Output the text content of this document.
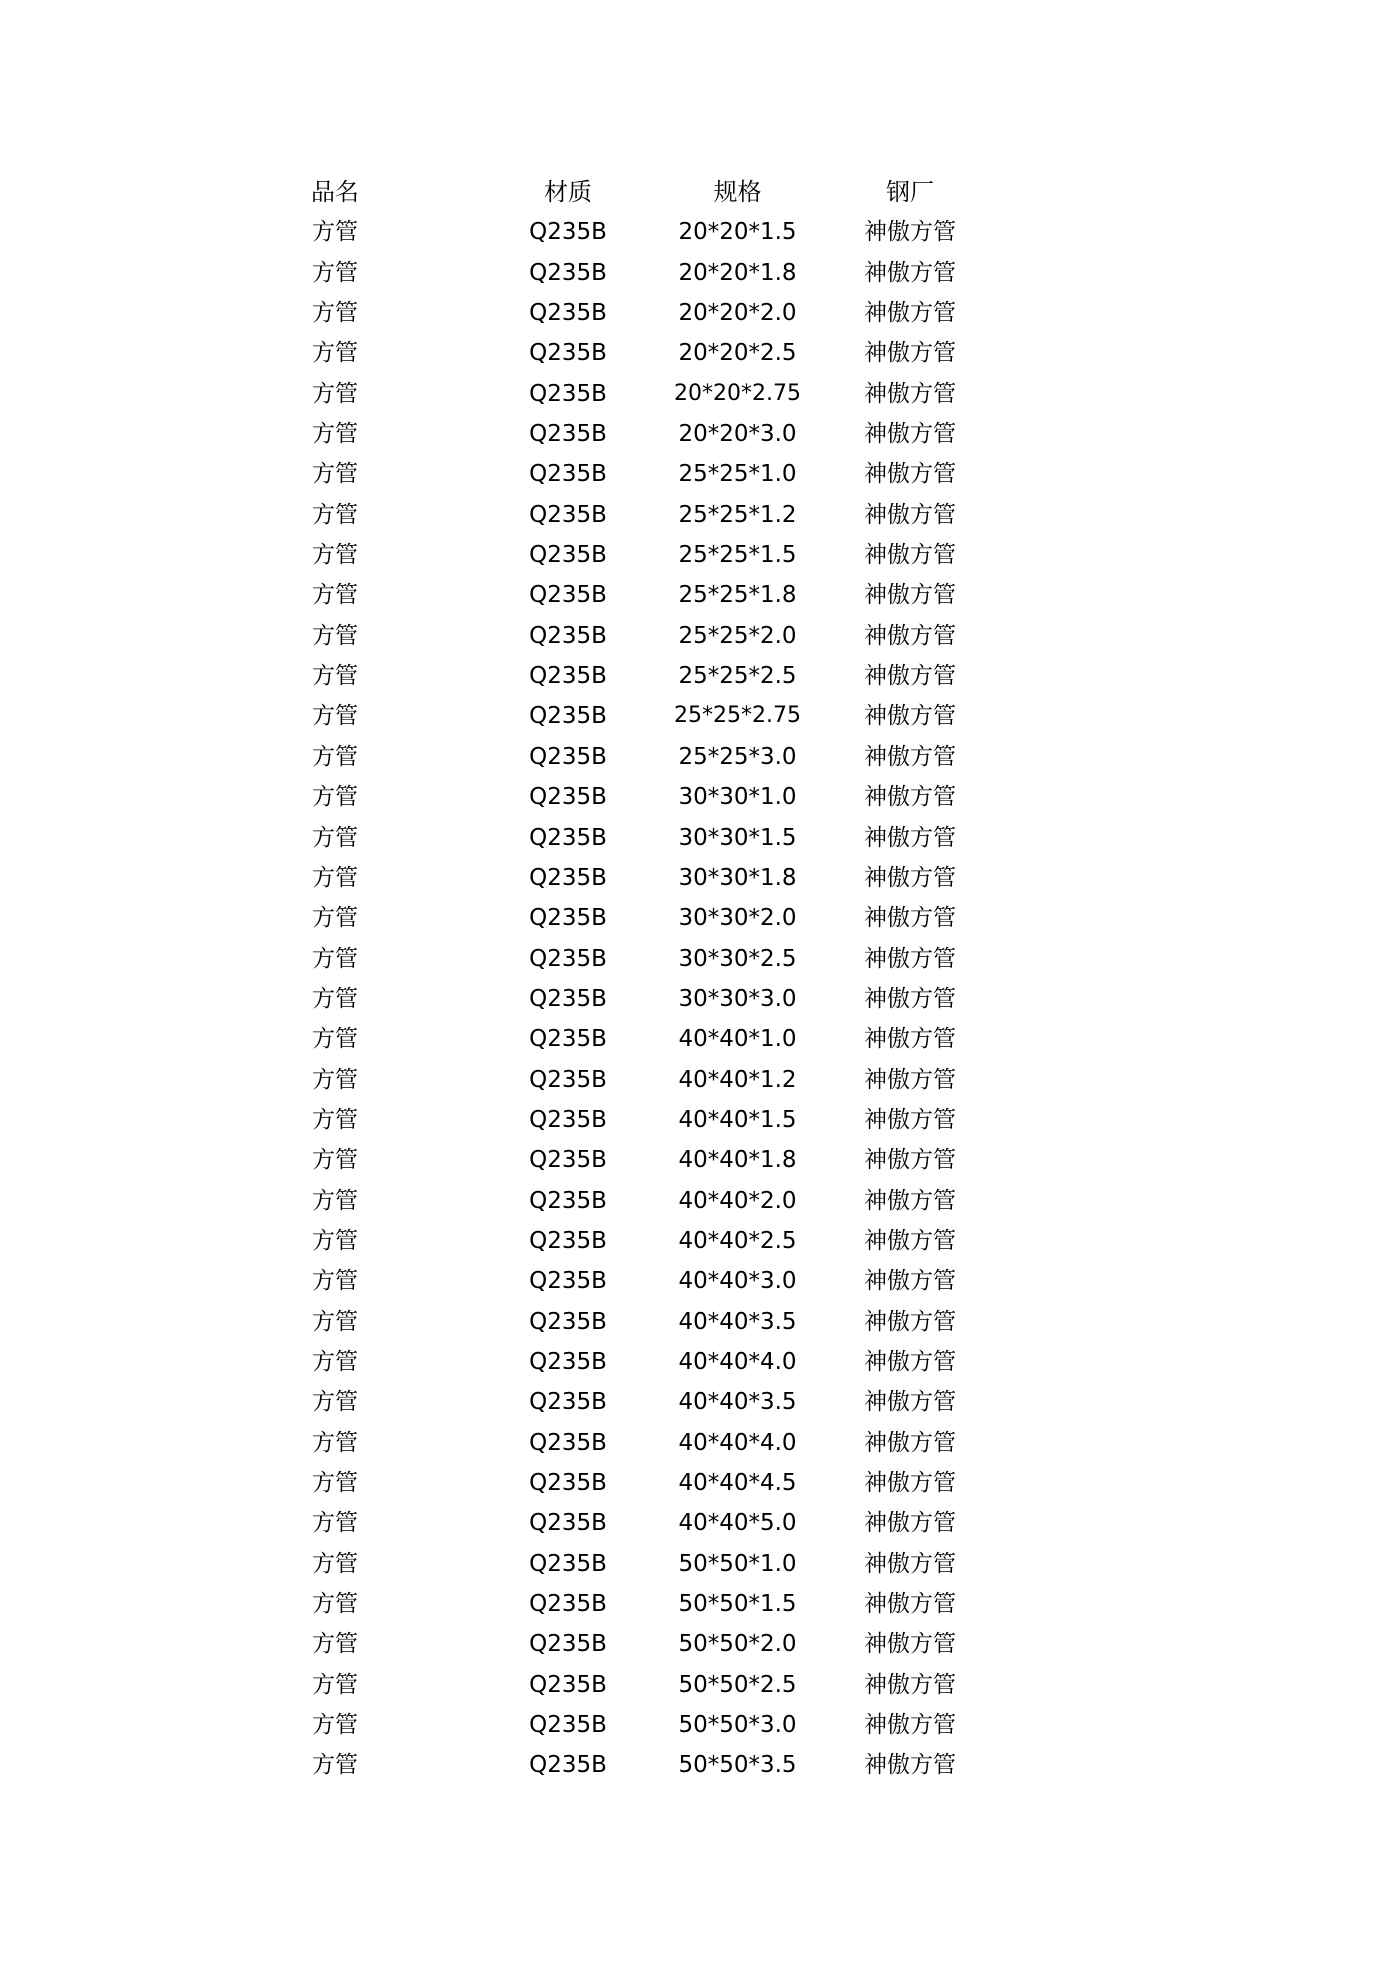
品名	材质	规格	钢厂
方管	Q235B	20*20*1.5	神傲方管
方管	Q235B	20*20*1.8	神傲方管
方管	Q235B	20*20*2.0	神傲方管
方管	Q235B	20*20*2.5	神傲方管
方管	Q235B	20*20*2.75	神傲方管
方管	Q235B	20*20*3.0	神傲方管
方管	Q235B	25*25*1.0	神傲方管
方管	Q235B	25*25*1.2	神傲方管
方管	Q235B	25*25*1.5	神傲方管
方管	Q235B	25*25*1.8	神傲方管
方管	Q235B	25*25*2.0	神傲方管
方管	Q235B	25*25*2.5	神傲方管
方管	Q235B	25*25*2.75	神傲方管
方管	Q235B	25*25*3.0	神傲方管
方管	Q235B	30*30*1.0	神傲方管
方管	Q235B	30*30*1.5	神傲方管
方管	Q235B	30*30*1.8	神傲方管
方管	Q235B	30*30*2.0	神傲方管
方管	Q235B	30*30*2.5	神傲方管
方管	Q235B	30*30*3.0	神傲方管
方管	Q235B	40*40*1.0	神傲方管
方管	Q235B	40*40*1.2	神傲方管
方管	Q235B	40*40*1.5	神傲方管
方管	Q235B	40*40*1.8	神傲方管
方管	Q235B	40*40*2.0	神傲方管
方管	Q235B	40*40*2.5	神傲方管
方管	Q235B	40*40*3.0	神傲方管
方管	Q235B	40*40*3.5	神傲方管
方管	Q235B	40*40*4.0	神傲方管
方管	Q235B	40*40*3.5	神傲方管
方管	Q235B	40*40*4.0	神傲方管
方管	Q235B	40*40*4.5	神傲方管
方管	Q235B	40*40*5.0	神傲方管
方管	Q235B	50*50*1.0	神傲方管
方管	Q235B	50*50*1.5	神傲方管
方管	Q235B	50*50*2.0	神傲方管
方管	Q235B	50*50*2.5	神傲方管
方管	Q235B	50*50*3.0	神傲方管
方管	Q235B	50*50*3.5	神傲方管
